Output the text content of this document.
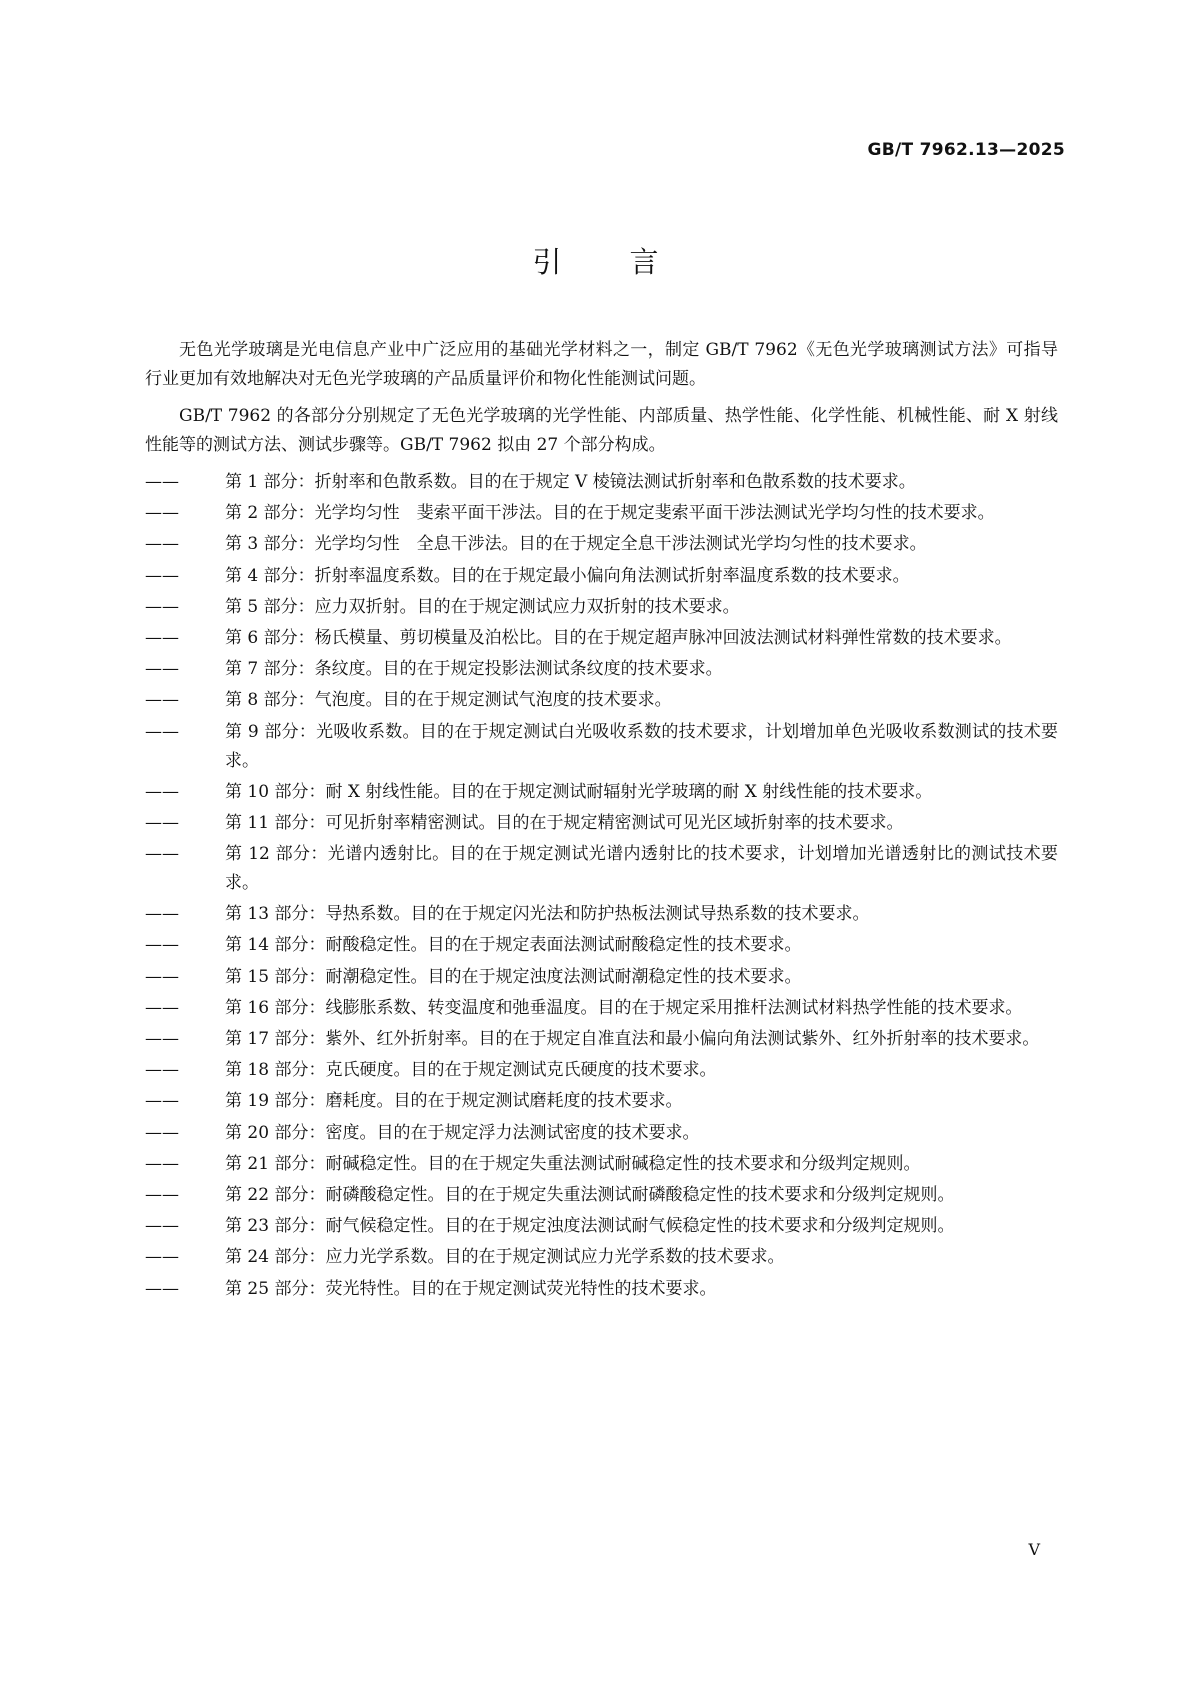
GB/T 7962.13—2025
引 言

无色光学玻璃是光电信息产业中广泛应用的基础光学材料之一，制定 GB/T 7962《无色光学玻璃测试方法》可指导行业更加有效地解决对无色光学玻璃的产品质量评价和物化性能测试问题。

GB/T 7962 的各部分分别规定了无色光学玻璃的光学性能、内部质量、热学性能、化学性能、机械性能、耐 X 射线性能等的测试方法、测试步骤等。GB/T 7962 拟由 27 个部分构成。

——	第 1 部分：折射率和色散系数。目的在于规定 V 棱镜法测试折射率和色散系数的技术要求。
——	第 2 部分：光学均匀性　斐索平面干涉法。目的在于规定斐索平面干涉法测试光学均匀性的技术要求。
——	第 3 部分：光学均匀性　全息干涉法。目的在于规定全息干涉法测试光学均匀性的技术要求。
——	第 4 部分：折射率温度系数。目的在于规定最小偏向角法测试折射率温度系数的技术要求。
——	第 5 部分：应力双折射。目的在于规定测试应力双折射的技术要求。
——	第 6 部分：杨氏模量、剪切模量及泊松比。目的在于规定超声脉冲回波法测试材料弹性常数的技术要求。
——	第 7 部分：条纹度。目的在于规定投影法测试条纹度的技术要求。
——	第 8 部分：气泡度。目的在于规定测试气泡度的技术要求。
——	第 9 部分：光吸收系数。目的在于规定测试白光吸收系数的技术要求，计划增加单色光吸收系数测试的技术要求。
——	第 10 部分：耐 X 射线性能。目的在于规定测试耐辐射光学玻璃的耐 X 射线性能的技术要求。
——	第 11 部分：可见折射率精密测试。目的在于规定精密测试可见光区域折射率的技术要求。
——	第 12 部分：光谱内透射比。目的在于规定测试光谱内透射比的技术要求，计划增加光谱透射比的测试技术要求。
——	第 13 部分：导热系数。目的在于规定闪光法和防护热板法测试导热系数的技术要求。
——	第 14 部分：耐酸稳定性。目的在于规定表面法测试耐酸稳定性的技术要求。
——	第 15 部分：耐潮稳定性。目的在于规定浊度法测试耐潮稳定性的技术要求。
——	第 16 部分：线膨胀系数、转变温度和弛垂温度。目的在于规定采用推杆法测试材料热学性能的技术要求。
——	第 17 部分：紫外、红外折射率。目的在于规定自准直法和最小偏向角法测试紫外、红外折射率的技术要求。
——	第 18 部分：克氏硬度。目的在于规定测试克氏硬度的技术要求。
——	第 19 部分：磨耗度。目的在于规定测试磨耗度的技术要求。
——	第 20 部分：密度。目的在于规定浮力法测试密度的技术要求。
——	第 21 部分：耐碱稳定性。目的在于规定失重法测试耐碱稳定性的技术要求和分级判定规则。
——	第 22 部分：耐磷酸稳定性。目的在于规定失重法测试耐磷酸稳定性的技术要求和分级判定规则。
——	第 23 部分：耐气候稳定性。目的在于规定浊度法测试耐气候稳定性的技术要求和分级判定规则。
——	第 24 部分：应力光学系数。目的在于规定测试应力光学系数的技术要求。
——	第 25 部分：荧光特性。目的在于规定测试荧光特性的技术要求。
V
